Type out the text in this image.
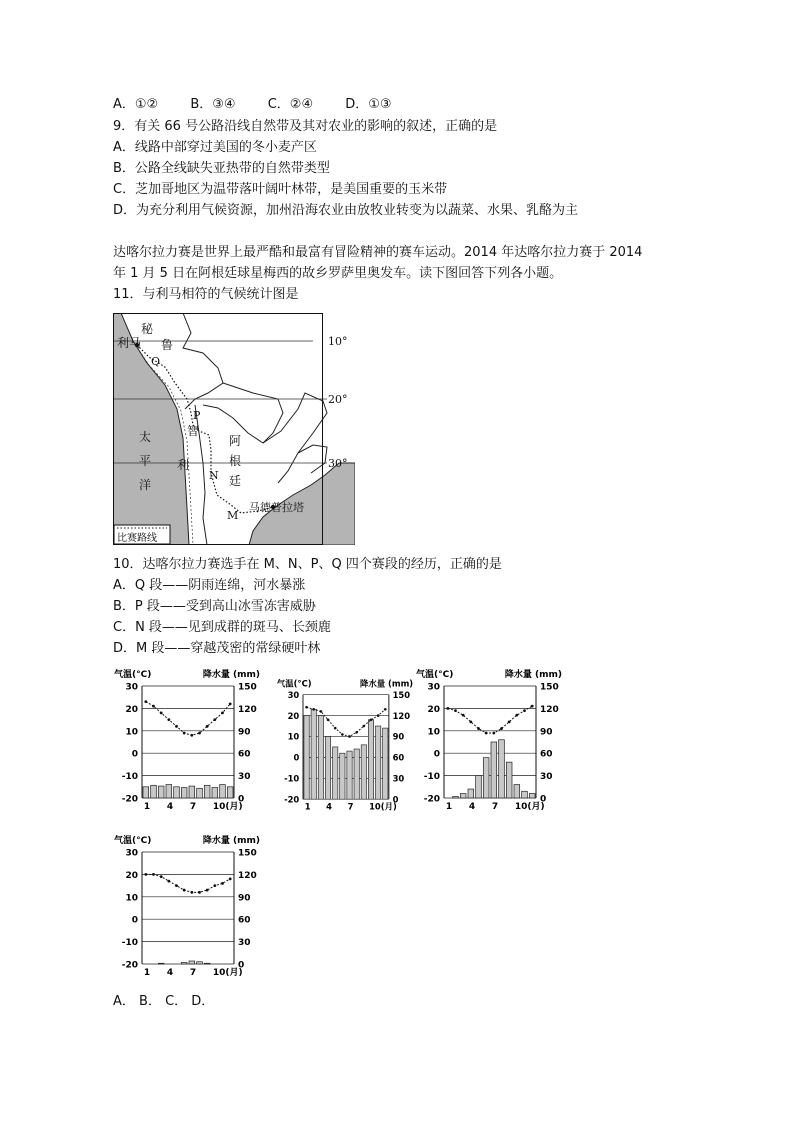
A．①② B．③④ C．②④ D．①③
9．有关 66 号公路沿线自然带及其对农业的影响的叙述，正确的是
A．线路中部穿过美国的冬小麦产区
B．公路全线缺失亚热带的自然带类型
C．芝加哥地区为温带落叶阔叶林带，是美国重要的玉米带
D．为充分利用气候资源，加州沿海农业由放牧业转变为以蔬菜、水果、乳酪为主
达喀尔拉力赛是世界上最严酷和最富有冒险精神的赛车运动。2014 年达喀尔拉力赛于 2014
年 1 月 5 日在阿根廷球星梅西的故乡罗萨里奥发车。读下图回答下列各小题。
11．与利马相符的气候统计图是
秘
鲁
利马
Q
P
智
利
太
平
洋
阿
根
廷
N
M
马德普拉塔
10°
20°
30°
比赛路线
10．达喀尔拉力赛选手在 M、N、P、Q 四个赛段的经历，正确的是
A．Q 段——阴雨连绵，河水暴涨
B．P 段——受到高山冰雪冻害威胁
C．N 段——见到成群的斑马、长颈鹿
D．M 段——穿越茂密的常绿硬叶林
气温(°C)	降水量 (mm)
30	150
20	120
10	90
0	60
-10	30
-20	0
1 4 7 10(月)
气温(°C)	降水量 (mm)
30	150
20	120
10	90
0	60
-10	30
-20	0
1 4 7 10(月)
气温(°C)	降水量 (mm)
30	150
20	120
10	90
0	60
-10	30
-20	0
1 4 7 10(月)
气温(°C)	降水量 (mm)
30	150
20	120
10	90
0	60
-10	30
-20	0
1 4 7 10(月)
A． B． C． D．
